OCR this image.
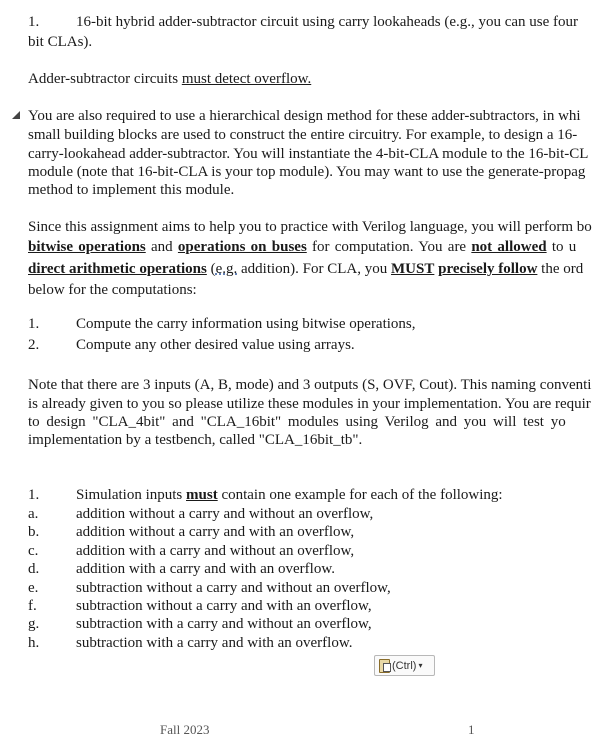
1. 16-bit hybrid adder-subtractor circuit using carry lookaheads (e.g., you can use four
bit CLAs).
Adder-subtractor circuits must detect overflow.
You are also required to use a hierarchical design method for these adder-subtractors, in whi
small building blocks are used to construct the entire circuitry. For example, to design a 16-
carry-lookahead adder-subtractor. You will instantiate the 4-bit-CLA module to the 16-bit-CL
module (note that 16-bit-CLA is your top module). You may want to use the generate-propag
method to implement this module.
Since this assignment aims to help you to practice with Verilog language, you will perform bo
bitwise operations and operations on buses for computation. You are not allowed to u
direct arithmetic operations (e.g. addition). For CLA, you MUST precisely follow the ord
below for the computations:
1. Compute the carry information using bitwise operations,
2. Compute any other desired value using arrays.
Note that there are 3 inputs (A, B, mode) and 3 outputs (S, OVF, Cout). This naming conventi
is already given to you so please utilize these modules in your implementation. You are requir
to design "CLA_4bit" and "CLA_16bit" modules using Verilog and you will test yo
implementation by a testbench, called "CLA_16bit_tb".
1. Simulation inputs must contain one example for each of the following:
a.	addition without a carry and without an overflow,
b. addition without a carry and with an overflow,
c.	addition with a carry and without an overflow,
d. addition with a carry and with an overflow.
e.	subtraction without a carry and without an overflow,
f.	subtraction without a carry and with an overflow,
g. subtraction with a carry and without an overflow,
h. subtraction with a carry and with an overflow.
(Ctrl) ▾
Fall 2023	1
